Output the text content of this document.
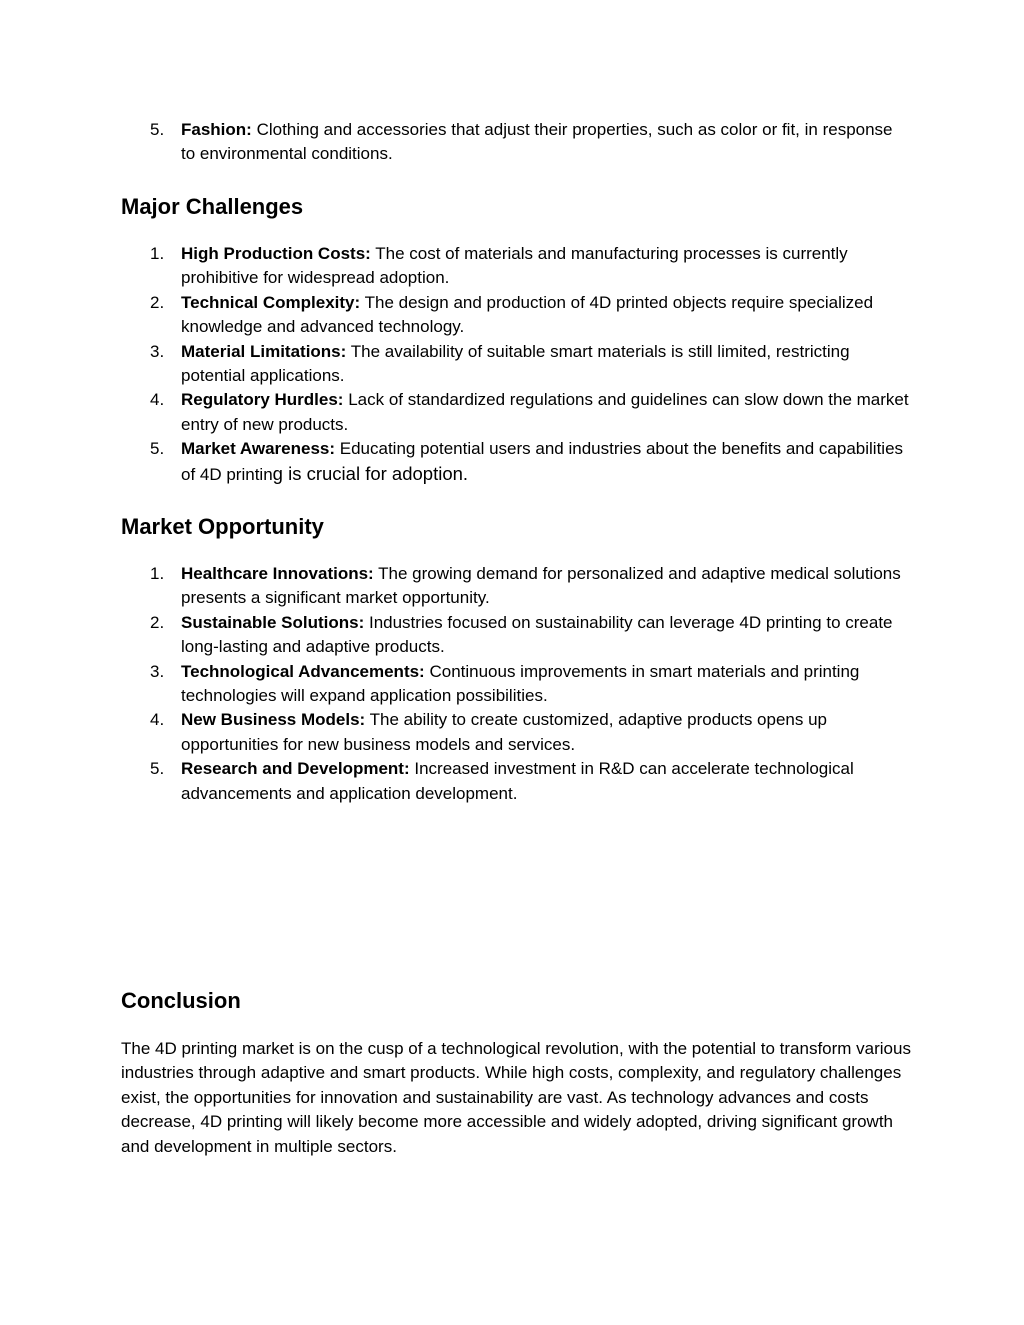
5. Fashion: Clothing and accessories that adjust their properties, such as color or fit, in response to environmental conditions.
Major Challenges
1. High Production Costs: The cost of materials and manufacturing processes is currently prohibitive for widespread adoption.
2. Technical Complexity: The design and production of 4D printed objects require specialized knowledge and advanced technology.
3. Material Limitations: The availability of suitable smart materials is still limited, restricting potential applications.
4. Regulatory Hurdles: Lack of standardized regulations and guidelines can slow down the market entry of new products.
5. Market Awareness: Educating potential users and industries about the benefits and capabilities of 4D printing is crucial for adoption.
Market Opportunity
1. Healthcare Innovations: The growing demand for personalized and adaptive medical solutions presents a significant market opportunity.
2. Sustainable Solutions: Industries focused on sustainability can leverage 4D printing to create long-lasting and adaptive products.
3. Technological Advancements: Continuous improvements in smart materials and printing technologies will expand application possibilities.
4. New Business Models: The ability to create customized, adaptive products opens up opportunities for new business models and services.
5. Research and Development: Increased investment in R&D can accelerate technological advancements and application development.
Conclusion

The 4D printing market is on the cusp of a technological revolution, with the potential to transform various industries through adaptive and smart products. While high costs, complexity, and regulatory challenges exist, the opportunities for innovation and sustainability are vast. As technology advances and costs decrease, 4D printing will likely become more accessible and widely adopted, driving significant growth and development in multiple sectors.
